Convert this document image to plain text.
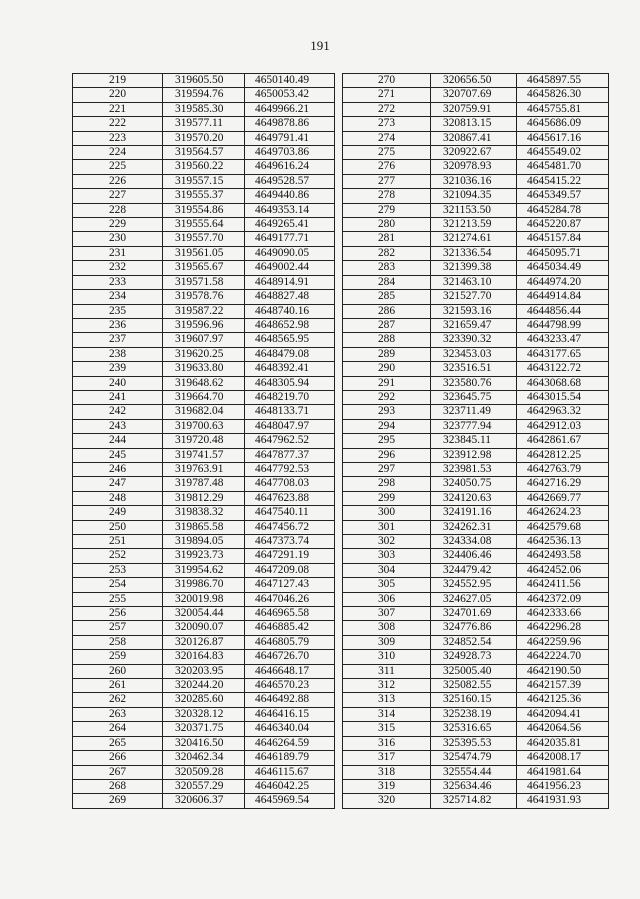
191
219	319605.50	4650140.49
220	319594.76	4650053.42
221	319585.30	4649966.21
222	319577.11	4649878.86
223	319570.20	4649791.41
224	319564.57	4649703.86
225	319560.22	4649616.24
226	319557.15	4649528.57
227	319555.37	4649440.86
228	319554.86	4649353.14
229	319555.64	4649265.41
230	319557.70	4649177.71
231	319561.05	4649090.05
232	319565.67	4649002.44
233	319571.58	4648914.91
234	319578.76	4648827.48
235	319587.22	4648740.16
236	319596.96	4648652.98
237	319607.97	4648565.95
238	319620.25	4648479.08
239	319633.80	4648392.41
240	319648.62	4648305.94
241	319664.70	4648219.70
242	319682.04	4648133.71
243	319700.63	4648047.97
244	319720.48	4647962.52
245	319741.57	4647877.37
246	319763.91	4647792.53
247	319787.48	4647708.03
248	319812.29	4647623.88
249	319838.32	4647540.11
250	319865.58	4647456.72
251	319894.05	4647373.74
252	319923.73	4647291.19
253	319954.62	4647209.08
254	319986.70	4647127.43
255	320019.98	4647046.26
256	320054.44	4646965.58
257	320090.07	4646885.42
258	320126.87	4646805.79
259	320164.83	4646726.70
260	320203.95	4646648.17
261	320244.20	4646570.23
262	320285.60	4646492.88
263	320328.12	4646416.15
264	320371.75	4646340.04
265	320416.50	4646264.59
266	320462.34	4646189.79
267	320509.28	4646115.67
268	320557.29	4646042.25
269	320606.37	4645969.54
270	320656.50	4645897.55
271	320707.69	4645826.30
272	320759.91	4645755.81
273	320813.15	4645686.09
274	320867.41	4645617.16
275	320922.67	4645549.02
276	320978.93	4645481.70
277	321036.16	4645415.22
278	321094.35	4645349.57
279	321153.50	4645284.78
280	321213.59	4645220.87
281	321274.61	4645157.84
282	321336.54	4645095.71
283	321399.38	4645034.49
284	321463.10	4644974.20
285	321527.70	4644914.84
286	321593.16	4644856.44
287	321659.47	4644798.99
288	323390.32	4643233.47
289	323453.03	4643177.65
290	323516.51	4643122.72
291	323580.76	4643068.68
292	323645.75	4643015.54
293	323711.49	4642963.32
294	323777.94	4642912.03
295	323845.11	4642861.67
296	323912.98	4642812.25
297	323981.53	4642763.79
298	324050.75	4642716.29
299	324120.63	4642669.77
300	324191.16	4642624.23
301	324262.31	4642579.68
302	324334.08	4642536.13
303	324406.46	4642493.58
304	324479.42	4642452.06
305	324552.95	4642411.56
306	324627.05	4642372.09
307	324701.69	4642333.66
308	324776.86	4642296.28
309	324852.54	4642259.96
310	324928.73	4642224.70
311	325005.40	4642190.50
312	325082.55	4642157.39
313	325160.15	4642125.36
314	325238.19	4642094.41
315	325316.65	4642064.56
316	325395.53	4642035.81
317	325474.79	4642008.17
318	325554.44	4641981.64
319	325634.46	4641956.23
320	325714.82	4641931.93
